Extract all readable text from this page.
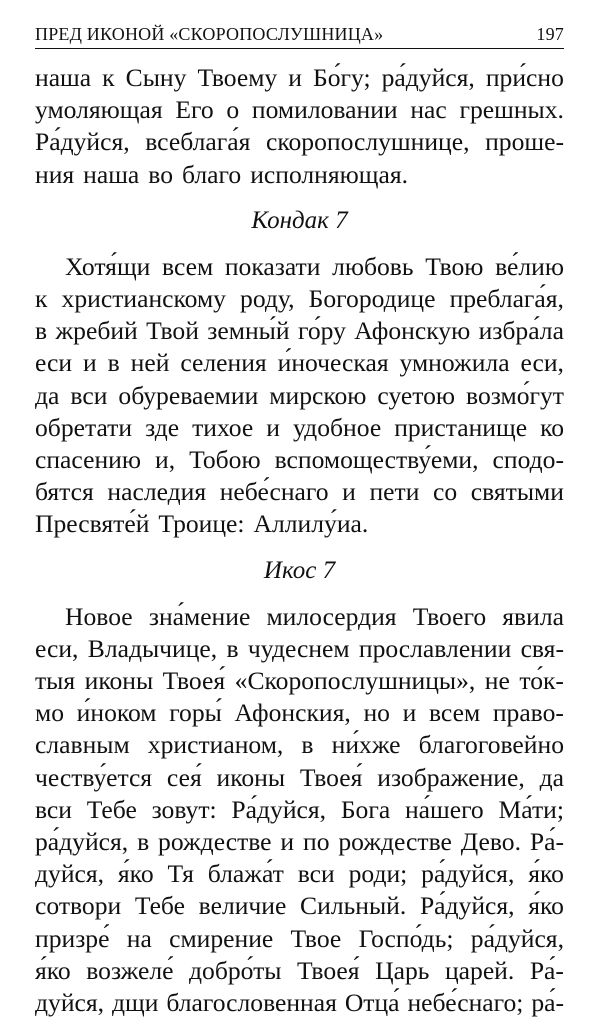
ПРЕД ИКОНОЙ «СКОРОПОСЛУШНИЦА»	197
наша к Сыну Твоему и Бо́гу; ра́дуйся, при́сно
умоляющая Его о помиловании нас грешных.
Ра́дуйся, всеблага́я скоропослушнице, проше-
ния наша во благо исполняющая.
Кондак 7
Хотя́щи всем показати любовь Твою ве́лию
к христианскому роду, Богородице преблага́я,
в жребий Твой земны́й го́ру Афонскую избра́ла
еси и в ней селения и́ноческая умножила еси,
да вси обуреваемии мирскою суетою возмо́гут
обретати зде тихое и удобное пристанище ко
спасению и, Тобою вспомоществу́еми, сподо-
бятся наследия небе́снаго и пети со святыми
Пресвяте́й Троице: Аллилу́иа.
Икос 7
Новое зна́мение милосердия Твоего явила
еси, Владычице, в чудеснем прославлении свя-
тыя иконы Твоея́ «Скоропослушницы», не то́к-
мо и́ноком горы́ Афонския, но и всем право-
славным христианом, в ни́хже благоговейно
честву́ется сея́ иконы Твоея́ изображение, да
вси Тебе зовут: Ра́дуйся, Бога на́шего Ма́ти;
ра́дуйся, в рождестве и по рождестве Дево. Ра́-
дуйся, я́ко Тя блажа́т вси роди; ра́дуйся, я́ко
сотвори Тебе величие Сильный. Ра́дуйся, я́ко
призре́ на смирение Твое Госпо́дь; ра́дуйся,
я́ко возжеле́ добро́ты Твоея́ Царь царей. Ра́-
дуйся, дщи благословенная Отца́ небе́снаго; ра́-
